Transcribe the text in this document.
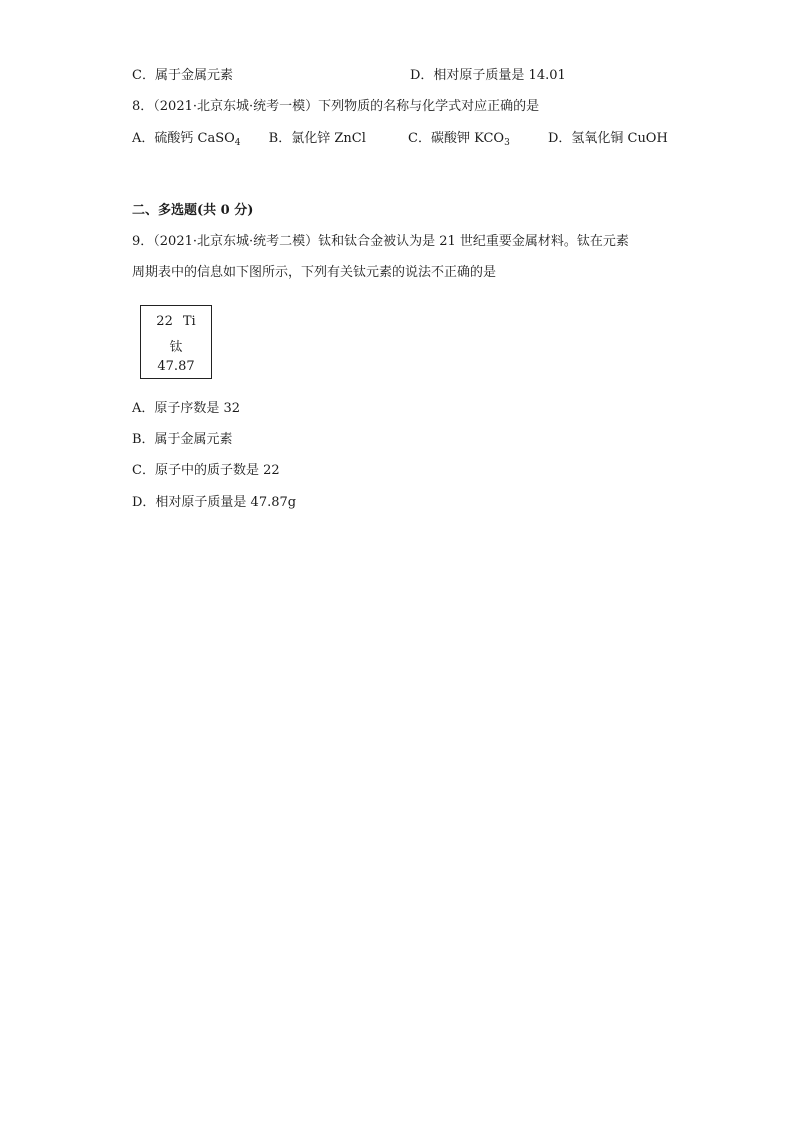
C．属于金属元素	D．相对原子质量是 14.01
8．（2021·北京东城·统考一模）下列物质的名称与化学式对应正确的是
A．硫酸钙 CaSO$_4$ B．氯化锌 ZnCl	C．碳酸钾 $KCO_3$	D．氢氧化铜 CuOH
二、多选题(共 0 分)
9．（2021·北京东城·统考二模）钛和钛合金被认为是 21 世纪重要金属材料。钛在元素
周期表中的信息如下图所示，下列有关钛元素的说法不正确的是
22 Ti
钛
47.87
A．原子序数是 32
B．属于金属元素
C．原子中的质子数是 22
D．相对原子质量是 47.87g
